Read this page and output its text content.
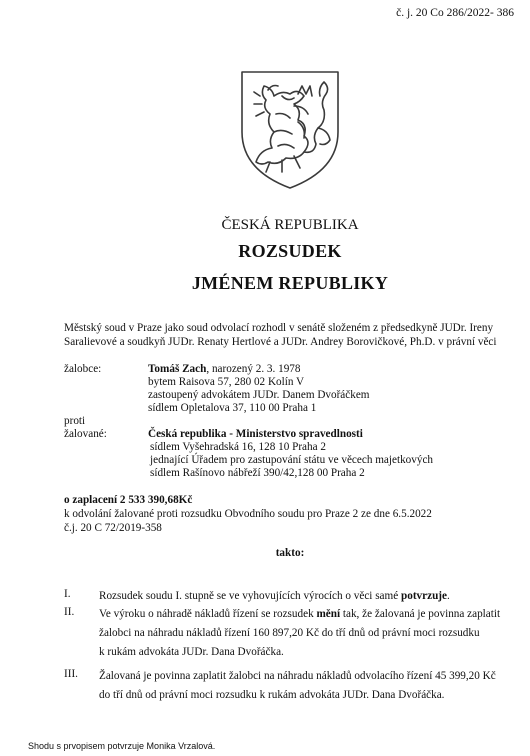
č. j. 20 Co 286/2022- 386
ČESKÁ REPUBLIKA
ROZSUDEK
JMÉNEM REPUBLIKY

Městský soud v Praze jako soud odvolací rozhodl v senátě složeném z předsedkyně JUDr. Ireny

Saralievové a soudkyň JUDr. Renaty Hertlové a JUDr. Andrey Borovičkové, Ph.D. v právní věci

žalobce:	Tomáš Zach, narozený 2. 3. 1978
bytem Raisova 57, 280 02 Kolín V
zastoupený advokátem JUDr. Danem Dvořáčkem
sídlem Opletalova 37, 110 00 Praha 1
proti
žalované:	Česká republika - Ministerstvo spravedlnosti
sídlem Vyšehradská 16, 128 10 Praha 2
jednající Úřadem pro zastupování státu ve věcech majetkových
sídlem Rašínovo nábřeží 390/42,128 00 Praha 2
o zaplacení 2 533 390,68Kč
k odvolání žalované proti rozsudku Obvodního soudu pro Praze 2 ze dne 6.5.2022
č.j. 20 C 72/2019-358
takto:
I.	Rozsudek soudu I. stupně se ve vyhovujících výrocích o věci samé potvrzuje.
II. Ve výroku o náhradě nákladů řízení se rozsudek mění tak, že žalovaná je povinna zaplatit
žalobci na náhradu nákladů řízení 160 897,20 Kč do tří dnů od právní moci rozsudku
k rukám advokáta JUDr. Dana Dvořáčka.
III. Žalovaná je povinna zaplatit žalobci na náhradu nákladů odvolacího řízení 45 399,20 Kč
do tří dnů od právní moci rozsudku k rukám advokáta JUDr. Dana Dvořáčka.
Shodu s prvopisem potvrzuje Monika Vrzalová.
